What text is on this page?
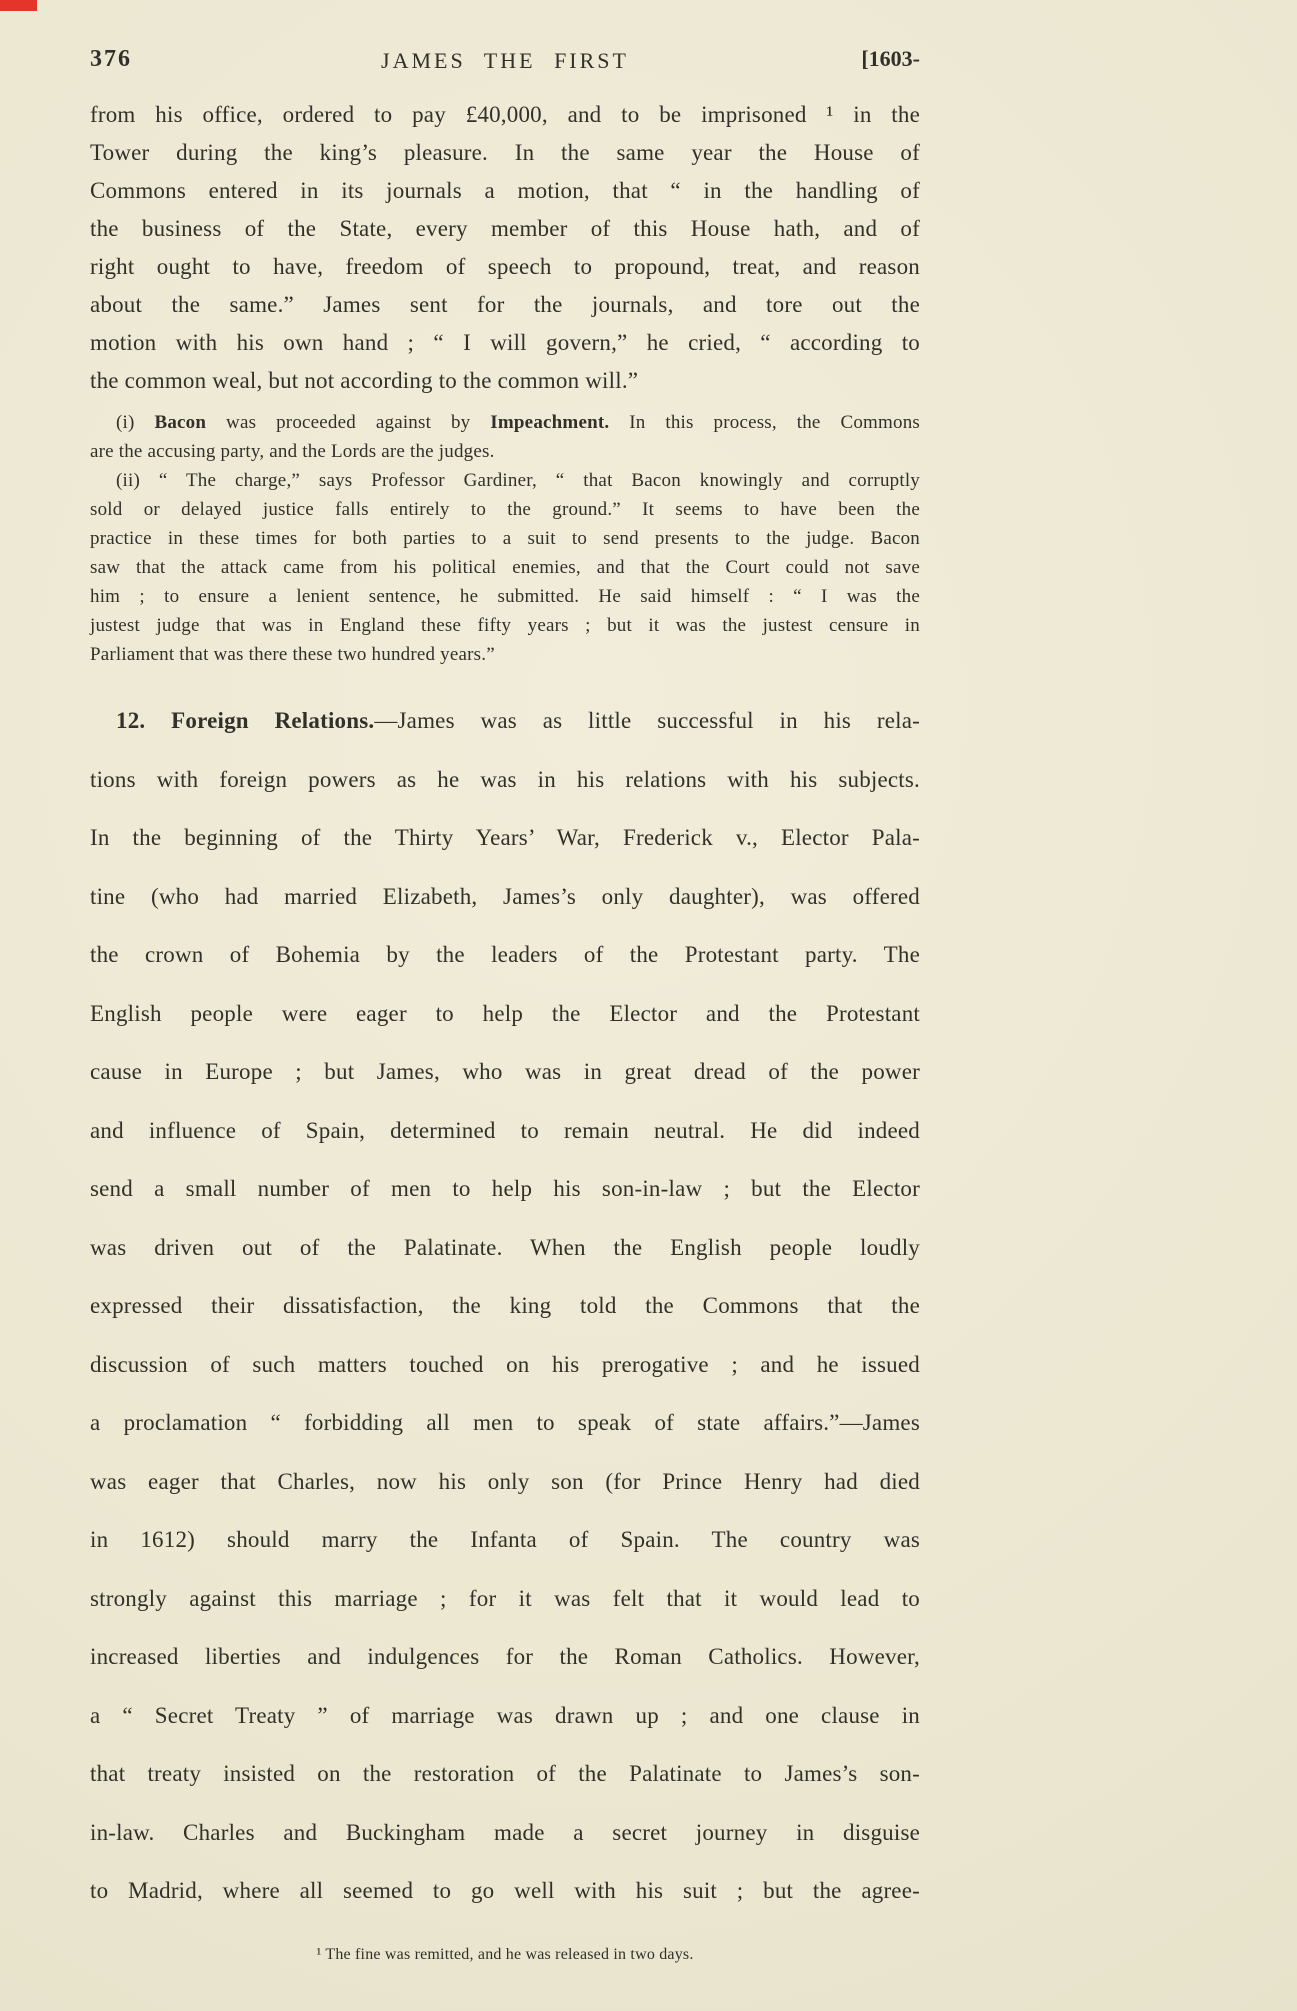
376	JAMES THE FIRST	[1603-
from his office, ordered to pay £40,000, and to be imprisoned ¹ in the
Tower during the king’s pleasure. In the same year the House of
Commons entered in its journals a motion, that “ in the handling of
the business of the State, every member of this House hath, and of
right ought to have, freedom of speech to propound, treat, and reason
about the same.” James sent for the journals, and tore out the
motion with his own hand ; “ I will govern,” he cried, “ according to
the common weal, but not according to the common will.”
(i) Bacon was proceeded against by Impeachment. In this process, the Commons
are the accusing party, and the Lords are the judges.
(ii) “ The charge,” says Professor Gardiner, “ that Bacon knowingly and corruptly
sold or delayed justice falls entirely to the ground.” It seems to have been the
practice in these times for both parties to a suit to send presents to the judge. Bacon
saw that the attack came from his political enemies, and that the Court could not save
him ; to ensure a lenient sentence, he submitted. He said himself : “ I was the
justest judge that was in England these fifty years ; but it was the justest censure in
Parliament that was there these two hundred years.”
12. Foreign Relations.—James was as little successful in his rela-
tions with foreign powers as he was in his relations with his subjects.
In the beginning of the Thirty Years’ War, Frederick v., Elector Pala-
tine (who had married Elizabeth, James’s only daughter), was offered
the crown of Bohemia by the leaders of the Protestant party. The
English people were eager to help the Elector and the Protestant
cause in Europe ; but James, who was in great dread of the power
and influence of Spain, determined to remain neutral. He did indeed
send a small number of men to help his son-in-law ; but the Elector
was driven out of the Palatinate. When the English people loudly
expressed their dissatisfaction, the king told the Commons that the
discussion of such matters touched on his prerogative ; and he issued
a proclamation “ forbidding all men to speak of state affairs.”—James
was eager that Charles, now his only son (for Prince Henry had died
in 1612) should marry the Infanta of Spain. The country was
strongly against this marriage ; for it was felt that it would lead to
increased liberties and indulgences for the Roman Catholics. However,
a “ Secret Treaty ” of marriage was drawn up ; and one clause in
that treaty insisted on the restoration of the Palatinate to James’s son-
in-law. Charles and Buckingham made a secret journey in disguise
to Madrid, where all seemed to go well with his suit ; but the agree-
¹ The fine was remitted, and he was released in two days.
